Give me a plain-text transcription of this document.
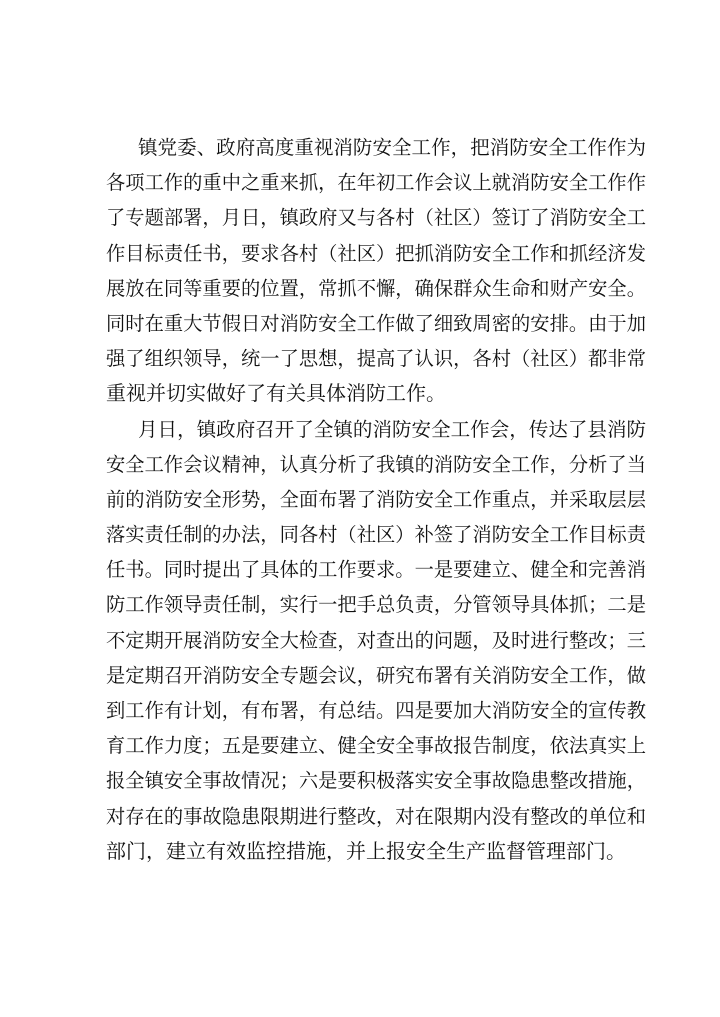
镇党委、政府高度重视消防安全工作，把消防安全工作作为
各项工作的重中之重来抓，在年初工作会议上就消防安全工作作
了专题部署，月日，镇政府又与各村（社区）签订了消防安全工
作目标责任书，要求各村（社区）把抓消防安全工作和抓经济发
展放在同等重要的位置，常抓不懈，确保群众生命和财产安全。
同时在重大节假日对消防安全工作做了细致周密的安排。由于加
强了组织领导，统一了思想，提高了认识，各村（社区）都非常
重视并切实做好了有关具体消防工作。
月日，镇政府召开了全镇的消防安全工作会，传达了县消防
安全工作会议精神，认真分析了我镇的消防安全工作，分析了当
前的消防安全形势，全面布署了消防安全工作重点，并采取层层
落实责任制的办法，同各村（社区）补签了消防安全工作目标责
任书。同时提出了具体的工作要求。一是要建立、健全和完善消
防工作领导责任制，实行一把手总负责，分管领导具体抓；二是
不定期开展消防安全大检查，对查出的问题，及时进行整改；三
是定期召开消防安全专题会议，研究布署有关消防安全工作，做
到工作有计划，有布署，有总结。四是要加大消防安全的宣传教
育工作力度；五是要建立、健全安全事故报告制度，依法真实上
报全镇安全事故情况；六是要积极落实安全事故隐患整改措施，
对存在的事故隐患限期进行整改，对在限期内没有整改的单位和
部门，建立有效监控措施，并上报安全生产监督管理部门。
